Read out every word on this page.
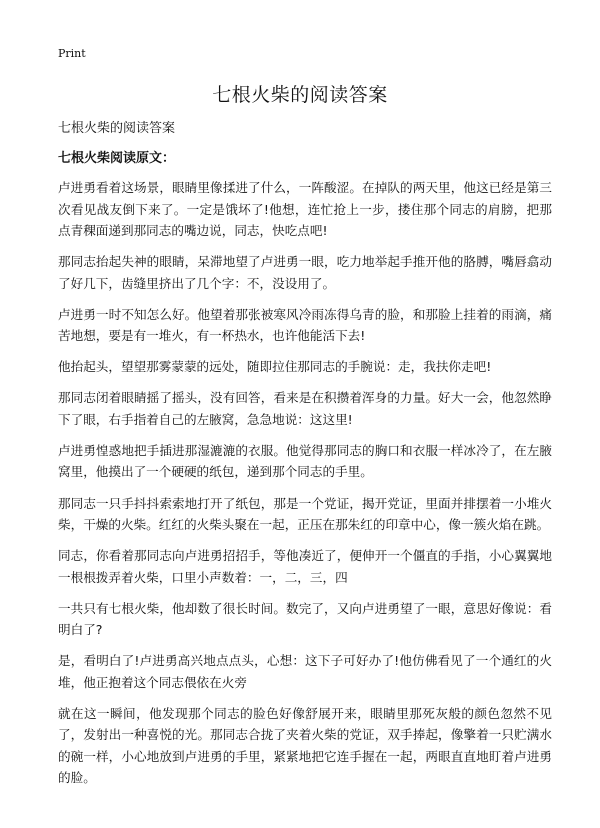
Print
七根火柴的阅读答案

七根火柴的阅读答案

七根火柴阅读原文：

卢进勇看着这场景，眼睛里像揉进了什么，一阵酸涩。在掉队的两天里，他这已经是第三次看见战友倒下来了。一定是饿坏了!他想，连忙抢上一步，搂住那个同志的肩膀，把那点青稞面递到那同志的嘴边说，同志，快吃点吧!

那同志抬起失神的眼睛，呆滞地望了卢进勇一眼，吃力地举起手推开他的胳膊，嘴唇翕动了好几下，齿缝里挤出了几个字：不，没设用了。

卢进勇一时不知怎么好。他望着那张被寒风冷雨冻得乌青的脸，和那脸上挂着的雨滴，痛苦地想，要是有一堆火，有一杯热水，也许他能活下去!

他抬起头，望望那雾蒙蒙的远处，随即拉住那同志的手腕说：走，我扶你走吧!

那同志闭着眼睛摇了摇头，没有回答，看来是在积攒着浑身的力量。好大一会，他忽然睁下了眼，右手指着自己的左腋窝，急急地说：这这里!

卢进勇惶惑地把手插进那湿漉漉的衣服。他觉得那同志的胸口和衣服一样冰冷了，在左腋窝里，他摸出了一个硬硬的纸包，递到那个同志的手里。

那同志一只手抖抖索索地打开了纸包，那是一个党证，揭开党证，里面并排摆着一小堆火柴，干燥的火柴。红红的火柴头聚在一起，正压在那朱红的印章中心，像一簇火焰在跳。

同志，你看着那同志向卢进勇招招手，等他凑近了，便伸开一个僵直的手指，小心翼翼地一根根拨弄着火柴，口里小声数着：一，二，三，四

一共只有七根火柴，他却数了很长时间。数完了，又向卢进勇望了一眼，意思好像说：看明白了?

是，看明白了!卢进勇高兴地点点头，心想：这下子可好办了!他仿佛看见了一个通红的火堆，他正抱着这个同志偎依在火旁

就在这一瞬间，他发现那个同志的脸色好像舒展开来，眼睛里那死灰般的颜色忽然不见了，发射出一种喜悦的光。那同志合拢了夹着火柴的党证，双手捧起，像擎着一只贮满水的碗一样，小心地放到卢进勇的手里，紧紧地把它连手握在一起，两眼直直地盯着卢进勇的脸。
